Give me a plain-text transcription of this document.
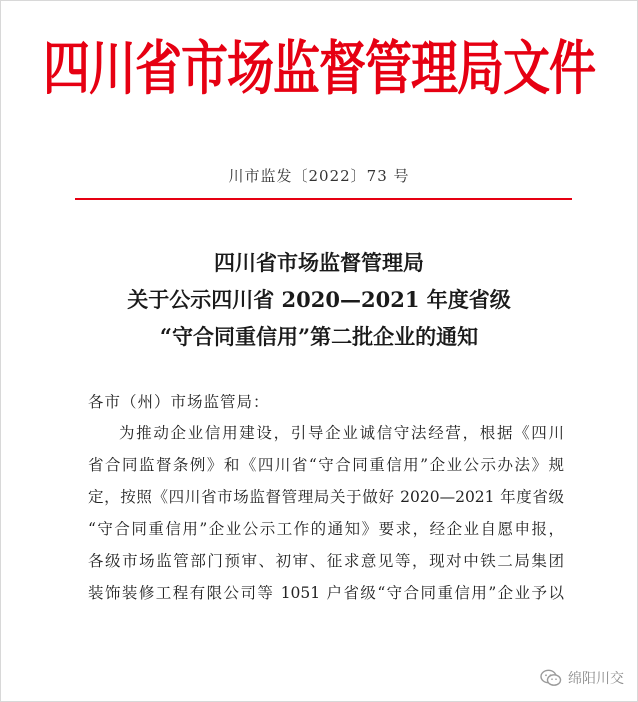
四川省市场监督管理局文件
川市监发〔2022〕73 号
四川省市场监督管理局
关于公示四川省 2020—2021 年度省级
“守合同重信用”第二批企业的通知
各市（州）市场监管局：
为推动企业信用建设，引导企业诚信守法经营，根据《四川
省合同监督条例》和《四川省“守合同重信用”企业公示办法》规
定，按照《四川省市场监督管理局关于做好 2020—2021 年度省级
“守合同重信用”企业公示工作的通知》要求，经企业自愿申报，
各级市场监管部门预审、初审、征求意见等，现对中铁二局集团
装饰装修工程有限公司等 1051 户省级“守合同重信用”企业予以
绵阳川交
